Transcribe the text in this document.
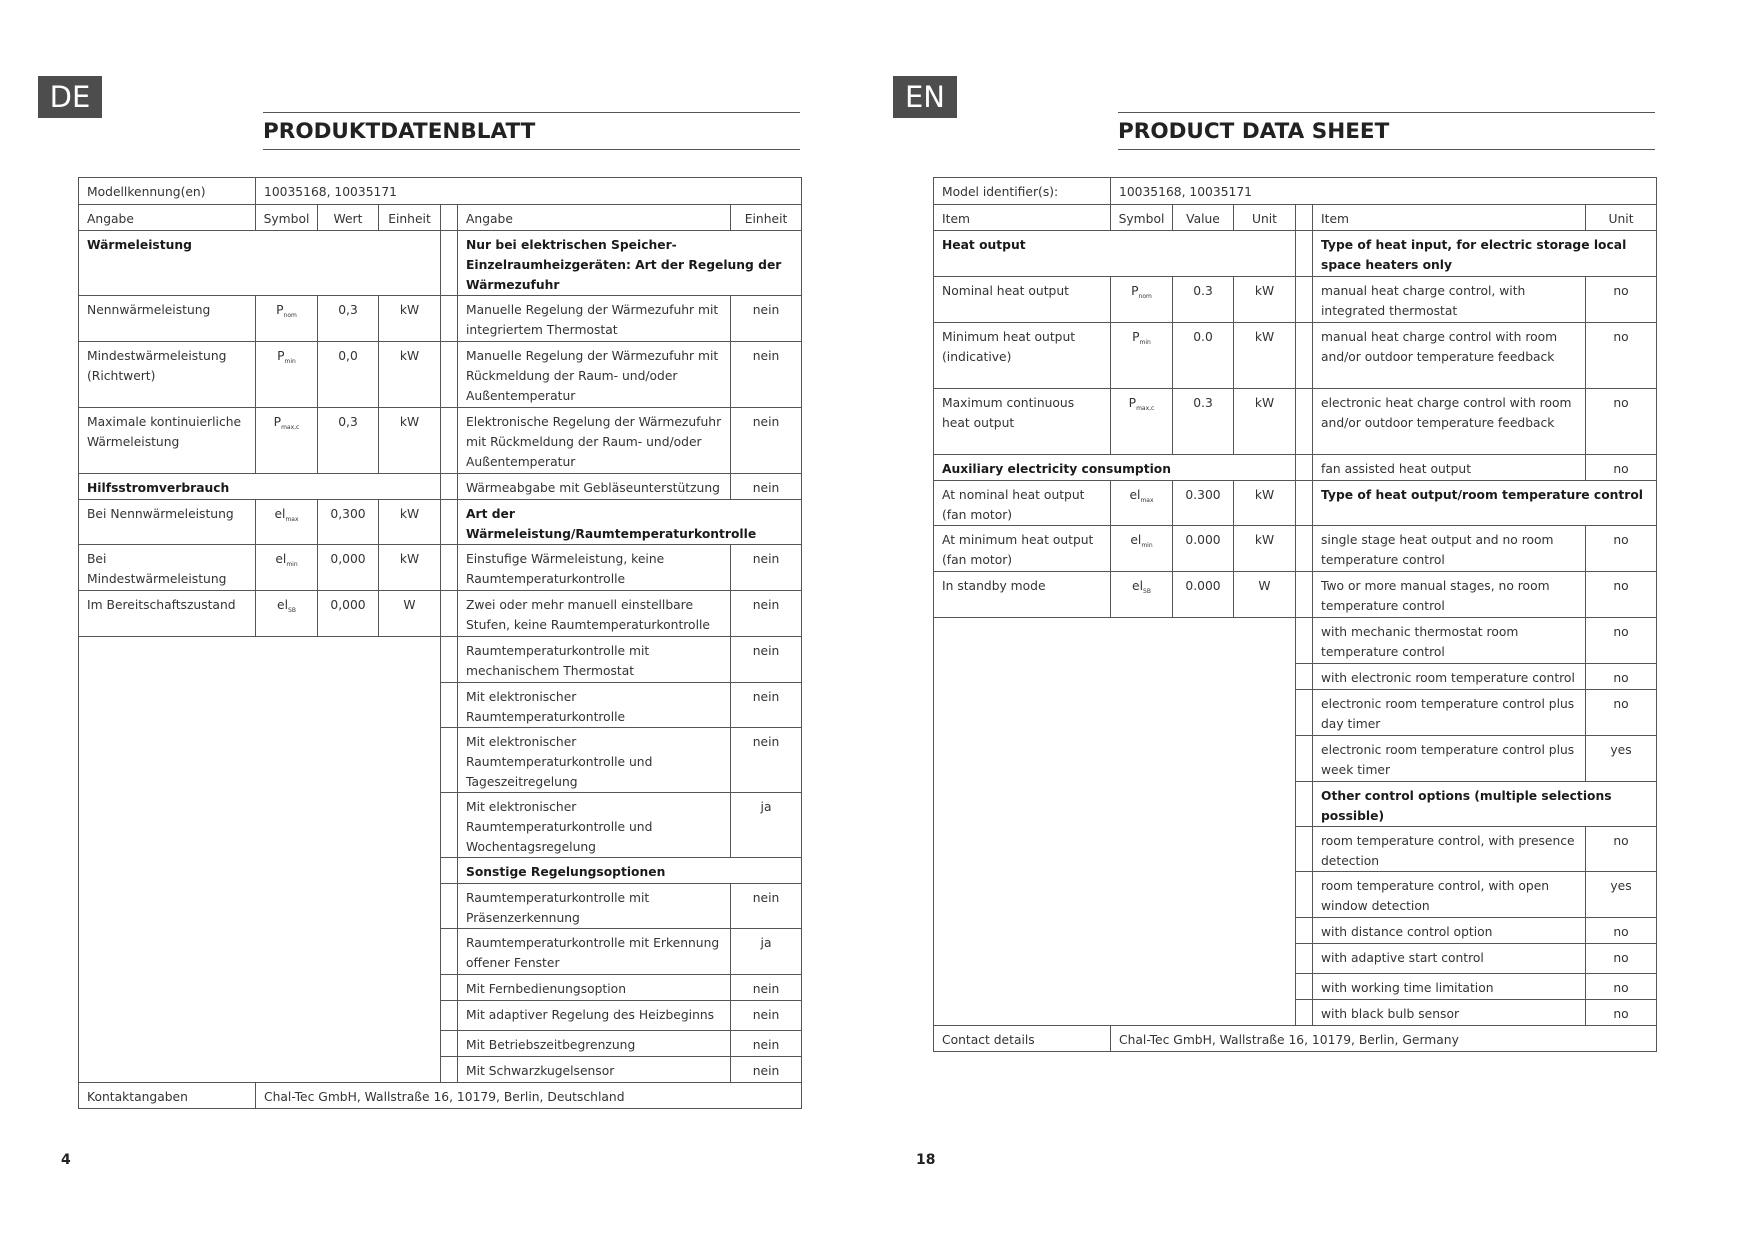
DE
PRODUKTDATENBLATT
Modellkennung(en)	10035168, 10035171					
Angabe	Symbol	Wert	Einheit		Angabe	Einheit
Wärmeleistung					Nur bei elektrischen Speicher-Einzelraumheizgeräten: Art der Regelung der Wärmezufuhr	
Nennwärmeleistung	$P_{nom}$	0,3	kW		Manuelle Regelung der Wärmezufuhr mit integriertem Thermostat	nein
Mindestwärmeleistung (Richtwert)	$P_{min}$	0,0	kW		Manuelle Regelung der Wärmezufuhr mit Rückmeldung der Raum- und/oder Außentemperatur	nein
Maximale kontinuierliche Wärmeleistung	$P_{max,c}$	0,3	kW		Elektronische Regelung der Wärmezufuhr mit Rückmeldung der Raum- und/oder Außentemperatur	nein
Hilfsstromverbrauch					Wärmeabgabe mit Gebläseunterstützung	nein
Bei Nennwärmeleistung	$el_{max}$	0,300	kW		Art der Wärmeleistung/Raumtemperaturkontrolle	
Bei Mindestwärmeleistung	$el_{min}$	0,000	kW		Einstufige Wärmeleistung, keine Raumtemperaturkontrolle	nein
Im Bereitschaftszustand	$el_{SB}$	0,000	W		Zwei oder mehr manuell einstellbare Stufen, keine Raumtemperaturkontrolle	nein
					Raumtemperaturkontrolle mit mechanischem Thermostat	nein
					Mit elektronischer Raumtemperaturkontrolle	nein
					Mit elektronischer Raumtemperaturkontrolle und Tageszeitregelung	nein
					Mit elektronischer Raumtemperaturkontrolle und Wochentagsregelung	ja
					Sonstige Regelungsoptionen	
					Raumtemperaturkontrolle mit Präsenzerkennung	nein
					Raumtemperaturkontrolle mit Erkennung offener Fenster	ja
					Mit Fernbedienungsoption	nein
					Mit adaptiver Regelung des Heizbeginns	nein
					Mit Betriebszeitbegrenzung	nein
					Mit Schwarzkugelsensor	nein
Kontaktangaben	Chal-Tec GmbH, Wallstraße 16, 10179, Berlin, Deutschland					
4
EN
PRODUCT DATA SHEET
Model identifier(s):	10035168, 10035171					
Item	Symbol	Value	Unit		Item	Unit
Heat output					Type of heat input, for electric storage local space heaters only	
Nominal heat output	$P_{nom}$	0.3	kW		manual heat charge control, with integrated thermostat	no
Minimum heat output (indicative)	$P_{min}$	0.0	kW		manual heat charge control with room and/or outdoor temperature feedback	no
Maximum continuous heat output	$P_{max,c}$	0.3	kW		electronic heat charge control with room and/or outdoor temperature feedback	no
Auxiliary electricity consumption					fan assisted heat output	no
At nominal heat output (fan motor)	$el_{max}$	0.300	kW		Type of heat output/room temperature control	
At minimum heat output (fan motor)	$el_{min}$	0.000	kW		single stage heat output and no room temperature control	no
In standby mode	$el_{SB}$	0.000	W		Two or more manual stages, no room temperature control	no
					with mechanic thermostat room temperature control	no
					with electronic room temperature control	no
					electronic room temperature control plus day timer	no
					electronic room temperature control plus week timer	yes
					Other control options (multiple selections possible)	
					room temperature control, with presence detection	no
					room temperature control, with open window detection	yes
					with distance control option	no
					with adaptive start control	no
					with working time limitation	no
					with black bulb sensor	no
Contact details	Chal-Tec GmbH, Wallstraße 16, 10179, Berlin, Germany					
18
